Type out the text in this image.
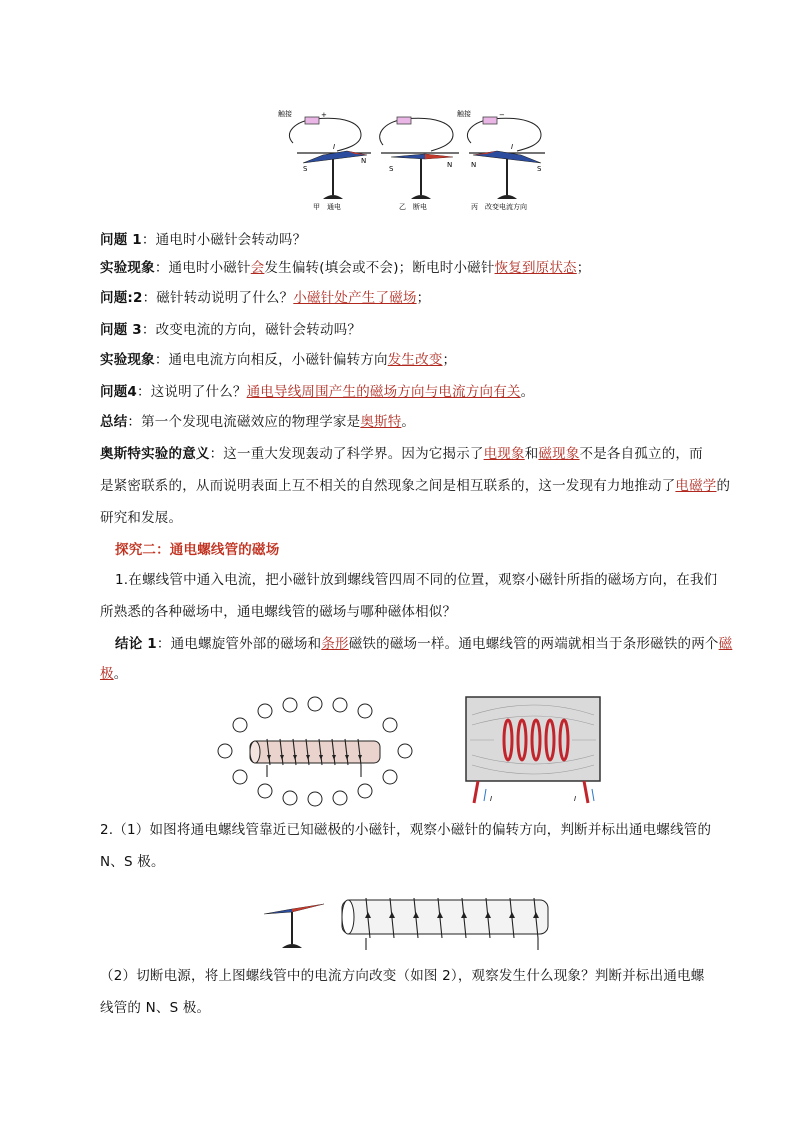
触接	+
I
S
N
甲　通电
S	N
乙　断电
触接	−
I
N	S
丙　改变电流方向
问题 1：通电时小磁针会转动吗？
实验现象：通电时小磁针会发生偏转(填会或不会)；断电时小磁针恢复到原状态；
问题:2：磁针转动说明了什么？小磁针处产生了磁场；
问题 3：改变电流的方向，磁针会转动吗？
实验现象：通电电流方向相反，小磁针偏转方向发生改变；
问题4：这说明了什么？通电导线周围产生的磁场方向与电流方向有关。
总结：第一个发现电流磁效应的物理学家是奥斯特。
奥斯特实验的意义：这一重大发现轰动了科学界。因为它揭示了电现象和磁现象不是各自孤立的，而
是紧密联系的，从而说明表面上互不相关的自然现象之间是相互联系的，这一发现有力地推动了电磁学的
研究和发展。
探究二：通电螺线管的磁场
1.在螺线管中通入电流，把小磁针放到螺线管四周不同的位置，观察小磁针所指的磁场方向，在我们
所熟悉的各种磁场中，通电螺线管的磁场与哪种磁体相似？
结论 1：通电螺旋管外部的磁场和条形磁铁的磁场一样。通电螺线管的两端就相当于条形磁铁的两个磁
极。
I	I
2.（1）如图将通电螺线管靠近已知磁极的小磁针，观察小磁针的偏转方向，判断并标出通电螺线管的
N、S 极。
（2）切断电源，将上图螺线管中的电流方向改变（如图 2），观察发生什么现象？判断并标出通电螺
线管的 N、S 极。
